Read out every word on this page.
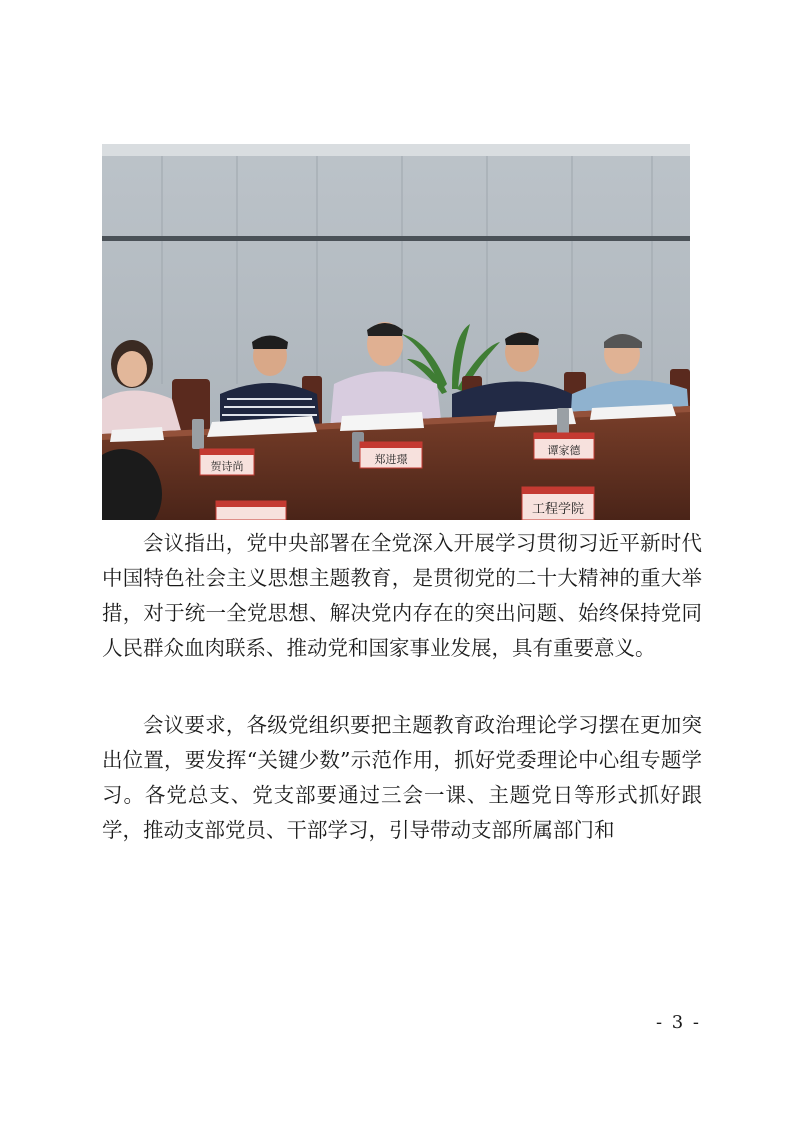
贺诗尚
郑进璟
谭家德
工程学院

会议指出，党中央部署在全党深入开展学习贯彻习近平新时代中国特色社会主义思想主题教育，是贯彻党的二十大精神的重大举措，对于统一全党思想、解决党内存在的突出问题、始终保持党同人民群众血肉联系、推动党和国家事业发展，具有重要意义。

会议要求，各级党组织要把主题教育政治理论学习摆在更加突出位置，要发挥“关键少数”示范作用，抓好党委理论中心组专题学习。各党总支、党支部要通过三会一课、主题党日等形式抓好跟学，推动支部党员、干部学习，引导带动支部所属部门和

- 3 -
